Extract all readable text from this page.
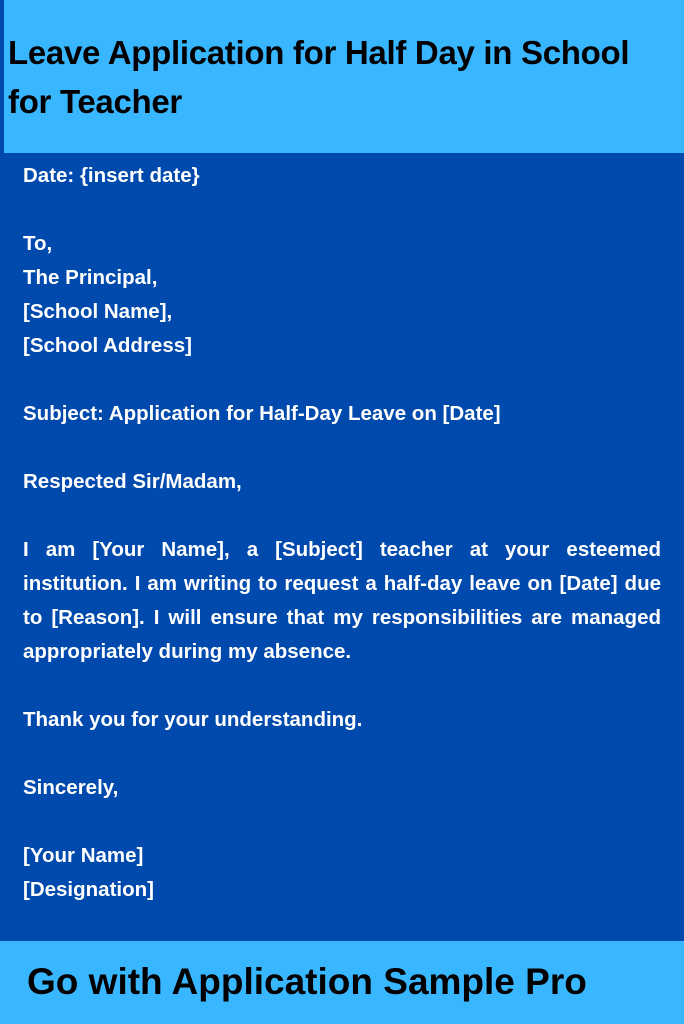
Leave Application for Half Day in School for Teacher
Date: {insert date}
To,
The Principal,
[School Name],
[School Address]
Subject: Application for Half-Day Leave on [Date]
Respected Sir/Madam,
I am [Your Name], a [Subject] teacher at your esteemed institution. I am writing to request a half-day leave on [Date] due to [Reason]. I will ensure that my responsibilities are managed appropriately during my absence.
Thank you for your understanding.
Sincerely,
[Your Name]
[Designation]
Go with Application Sample Pro
